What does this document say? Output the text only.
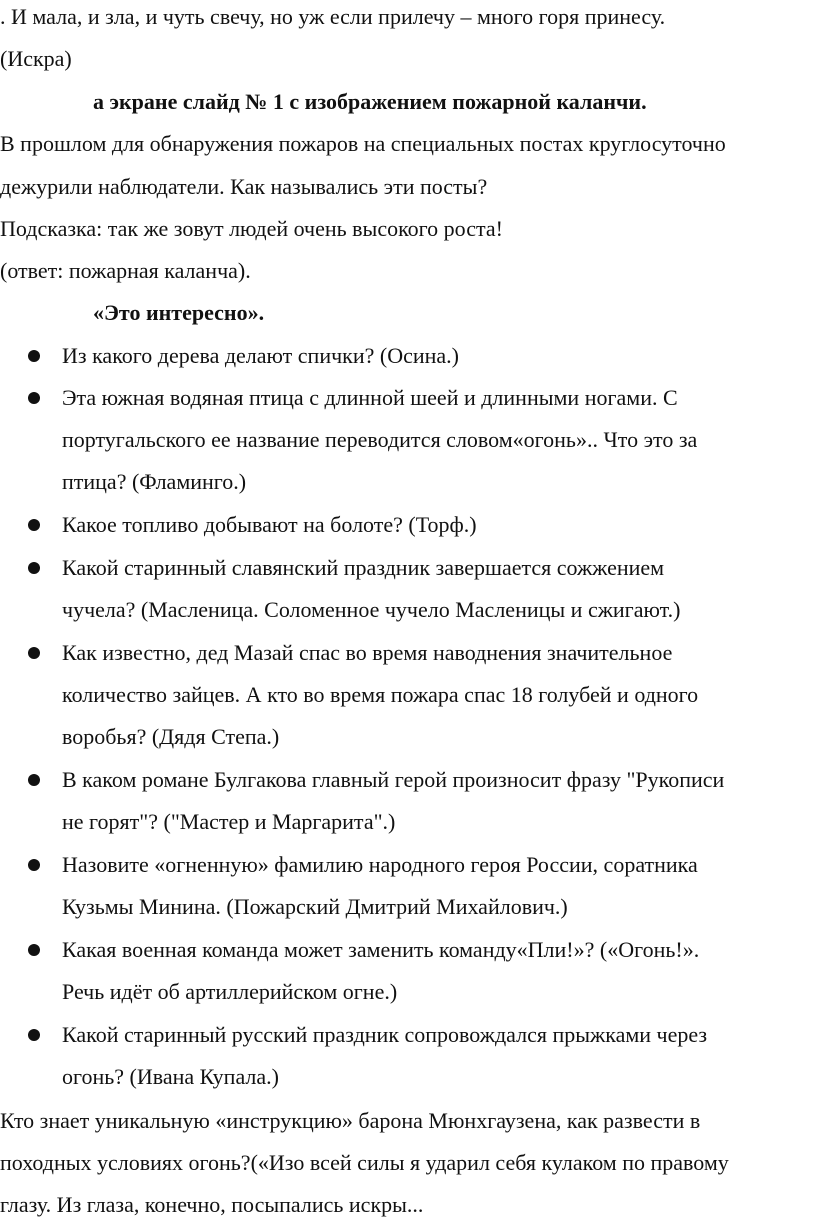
. И мала, и зла, и чуть свечу, но уж если прилечу – много горя принесу.
(Искра)
а экране слайд № 1 с изображением пожарной каланчи.
В прошлом для обнаружения пожаров на специальных постах круглосуточно
дежурили наблюдатели. Как назывались эти посты?
Подсказка: так же зовут людей очень высокого роста!
(ответ: пожарная каланча).
«Это интересно».
Из какого дерева делают спички? (Осина.)
Эта южная водяная птица с длинной шеей и длинными ногами. С
португальского ее название переводится словом«огонь».. Что это за
птица? (Фламинго.)
Какое топливо добывают на болоте? (Торф.)
Какой старинный славянский праздник завершается сожжением
чучела? (Масленица. Соломенное чучело Масленицы и сжигают.)
Как известно, дед Мазай спас во время наводнения значительное
количество зайцев. А кто во время пожара спас 18 голубей и одного
воробья? (Дядя Степа.)
В каком романе Булгакова главный герой произносит фразу "Рукописи
не горят"? ("Мастер и Маргарита".)
Назовите «огненную» фамилию народного героя России, соратника
Кузьмы Минина. (Пожарский Дмитрий Михайлович.)
Какая военная команда может заменить команду«Пли!»? («Огонь!».
Речь идёт об артиллерийском огне.)
Какой старинный русский праздник сопровождался прыжками через
огонь? (Ивана Купала.)
Кто знает уникальную «инструкцию» барона Мюнхгаузена, как развести в
походных условиях огонь?(«Изо всей силы я ударил себя кулаком по правому
глазу. Из глаза, конечно, посыпались искры...
